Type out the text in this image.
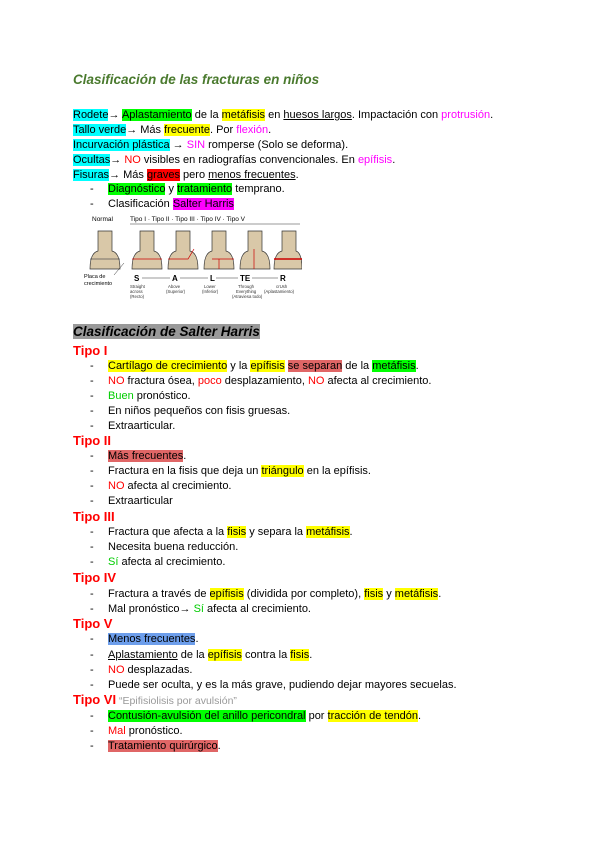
Clasificación de las fracturas en niños
Rodete→ Aplastamiento de la metáfisis en huesos largos. Impactación con protrusión.
Tallo verde→ Más frecuente. Por flexión.
Incurvación plástica → SIN romperse (Solo se deforma).
Ocultas→ NO visibles en radiografías convencionales. En epífisis.
Fisuras→ Más graves pero menos frecuentes.
- Diagnóstico y tratamiento temprano.
- Clasificación Salter Harris
Normal	Tipo I · Tipo II · Tipo III · Tipo IV · Tipo V
Placa de
crecimiento
S	A	L	TE	R
Straight
across
(Recto)
Above
(Superior)
Lower
(Inferior)
Through
Everything
(Atraviesa todo)
crUsh
(Aplastamiento)
Clasificación de Salter Harris
Tipo I
- Cartílago de crecimiento y la epífisis se separan de la metáfisis.
- NO fractura ósea, poco desplazamiento, NO afecta al crecimiento.
- Buen pronóstico.
- En niños pequeños con fisis gruesas.
- Extraarticular.
Tipo II
- Más frecuentes.
- Fractura en la fisis que deja un triángulo en la epífisis.
- NO afecta al crecimiento.
- Extraarticular
Tipo III
- Fractura que afecta a la fisis y separa la metáfisis.
- Necesita buena reducción.
- Sí afecta al crecimiento.
Tipo IV
- Fractura a través de epífisis (dividida por completo), fisis y metáfisis.
- Mal pronóstico→ Sí afecta al crecimiento.
Tipo V
- Menos frecuentes.
- Aplastamiento de la epífisis contra la fisis.
- NO desplazadas.
- Puede ser oculta, y es la más grave, pudiendo dejar mayores secuelas.
Tipo VI “Epifisiolisis por avulsión”
- Contusión-avulsión del anillo pericondral por tracción de tendón.
- Mal pronóstico.
- Tratamiento quirúrgico.
